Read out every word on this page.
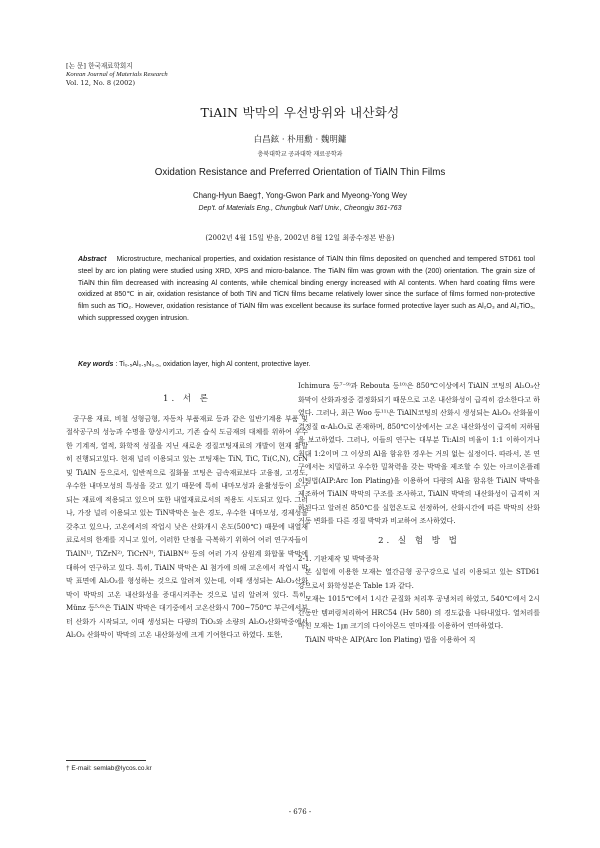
[논 문] 한국재료학회지
Korean Journal of Materials Research
Vol. 12, No. 8 (2002)
TiAlN 박막의 우선방위와 내산화성
白昌鉉 · 朴用勳 · 魏明鏞
충북대학교 공과대학 재료공학과
Oxidation Resistance and Preferred Orientation of TiAlN Thin Films
Chang-Hyun Baeg†, Yong-Gwon Park and Myeong-Yong Wey
Dep't. of Materials Eng., Chungbuk Nat'l Univ., Cheongju 361-763
(2002년 4월 15일 받음, 2002년 8월 12일 최종수정본 받음)
Abstract Microstructure, mechanical properties, and oxidation resistance of TiAlN thin films deposited on quenched and tempered STD61 tool steel by arc ion plating were studied using XRD, XPS and micro-balance. The TiAlN film was grown with the (200) orientation. The grain size of TiAlN thin film decreased with increasing Al contents, while chemical binding energy increased with Al contents. When hard coating films were oxidized at 850℃ in air, oxidation resistance of both TiN and TiCN films became relatively lower since the surface of films formed non-protective film such as TiO₂. However, oxidation resistance of TiAlN film was excellent because its surface formed protective layer such as Al₂O₃ and Al₂TiO₅, which suppressed oxygen intrusion.
Key words : Ti₀.₅Al₀.₅N₀.₅, oxidation layer, high Al content, protective layer.
1. 서 론

공구용 재료, 비철 성형금형, 자동차 부품재료 등과 같은 일반기계용 부품 및 절삭공구의 성능과 수명을 향상시키고, 기존 습식 도금재의 대체를 위하여 우수한 기계적, 열적, 화학적 성질을 지닌 새로운 경질코팅재료의 개발이 현재 활발히 진행되고있다. 현재 널리 이용되고 있는 코팅재는 TiN, TiC, Ti(C,N), CrN 및 TiAlN 등으로서, 일반적으로 질화물 코팅은 금속재료보다 고융점, 고경도, 우수한 내마모성의 특성을 갖고 있기 때문에 특히 내마모성과 윤활성등이 요구되는 재료에 적용되고 있으며 또한 내열재료로서의 적용도 시도되고 있다. 그러나, 가장 널리 이용되고 있는 TiN박막은 높은 경도, 우수한 내마모성, 경제성을 갖추고 있으나, 고온에서의 작업시 낮은 산화개시 온도(500℃) 때문에 내열재료로서의 한계를 지니고 있어, 이러한 단점을 극복하기 위하여 여러 연구자들이 TiAlN¹⁾, TiZrN²⁾, TiCrN³⁾, TiAlBN⁴⁾ 등의 여러 가지 삼원계 화합물 박막에 대하여 연구하고 있다. 특히, TiAlN 박막은 Al 첨가에 의해 고온에서 작업시 박막 표면에 Al₂O₃를 형성하는 것으로 알려져 있는데, 이때 생성되는 Al₂O₃산화막이 박막의 고온 내산화성을 증대시켜주는 것으로 널리 알려져 있다. 특히, Münz 등⁵·⁶⁾은 TiAlN 박막은 대기중에서 고온산화시 700~750℃ 부근에서부터 산화가 시작되고, 이때 생성되는 다량의 TiO₂와 소량의 Al₂O₃산화막중에서 Al₂O₃ 산화막이 박막의 고온 내산화성에 크게 기여한다고 하였다. 또한,

Ichimura 등⁷⁻⁹⁾과 Rebouta 등¹⁰⁾은 850℃이상에서 TiAlN 코팅의 Al₂O₃산화막이 산화과정중 결정화되기 때문으로 고온 내산화성이 급격히 감소한다고 하였다. 그러나, 최근 Woo 등¹¹⁾은 TiAlN코팅의 산화시 생성되는 Al₂O₃ 산화물이 결정질 α-Al₂O₃로 존재하며, 850℃이상에서는 고온 내산화성이 급격히 저하됨을 보고하였다. 그러나, 이들의 연구는 대부분 Ti:Al의 비율이 1:1 이하이거나 최대 1:2이며 그 이상의 Al을 함유한 경우는 거의 없는 실정이다. 따라서, 본 연구에서는 치밀하고 우수한 밀착력을 갖는 박막을 제조할 수 있는 아크이온플레이팅법(AIP:Arc Ion Plating)을 이용하여 다량의 Al을 함유한 TiAlN 박막을 제조하여 TiAlN 박막의 구조를 조사하고, TiAlN 박막의 내산화성이 급격히 저하된다고 알려진 850℃를 실험온도로 선정하여, 산화시간에 따른 박막의 산화거동 변화를 다른 경질 박막과 비교하여 조사하였다.

2. 실 험 방 법

2-1. 기판제작 및 박막증착

본 실험에 이용한 모재는 열간금형 공구강으로 널리 이용되고 있는 STD61 강으로서 화학성분은 Table 1과 같다.

모재는 1015℃에서 1시간 균질화 처리후 공냉처리 하였고, 540℃에서 2시간동안 템퍼링처리하여 HRC54 (Hv 580) 의 경도값을 나타내었다. 열처리를 마친 모재는 1㎛ 크기의 다이아몬드 연마재를 이용하여 연마하였다.

TiAlN 박막은 AIP(Arc Ion Plating) 법을 이용하여 직

† E-mail: semlab@lycos.co.kr
- 676 -
